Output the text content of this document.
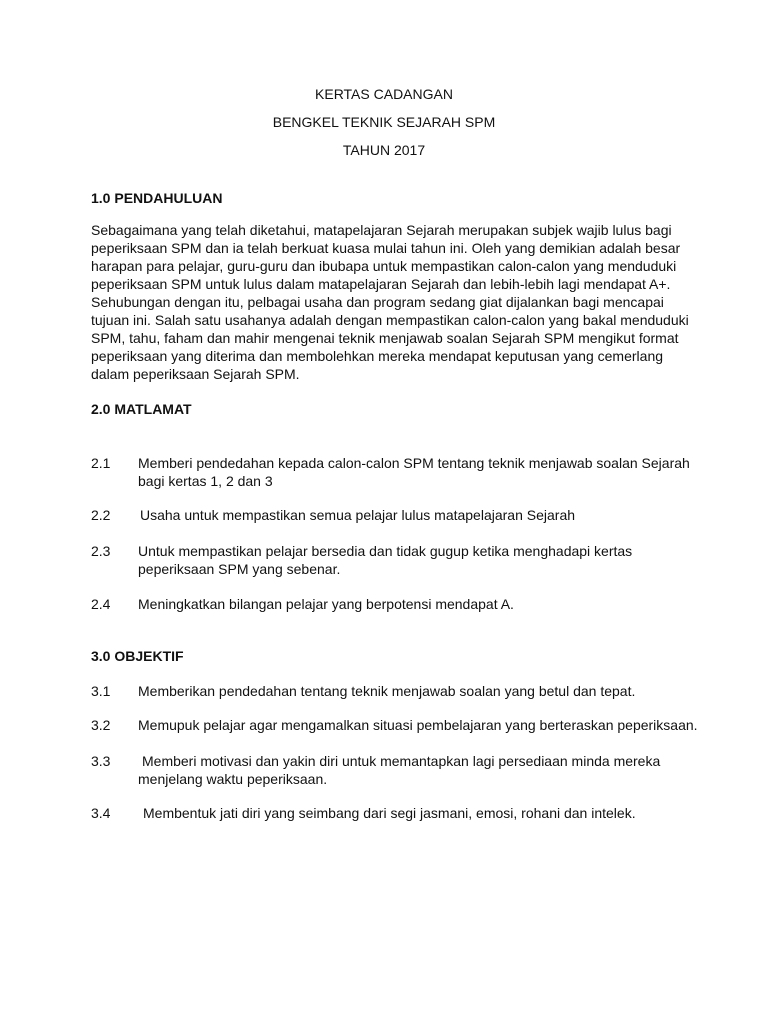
KERTAS CADANGAN
BENGKEL TEKNIK SEJARAH SPM
TAHUN 2017
1.0 PENDAHULUAN

Sebagaimana yang telah diketahui, matapelajaran Sejarah merupakan subjek wajib lulus bagi
peperiksaan SPM dan ia telah berkuat kuasa mulai tahun ini. Oleh yang demikian adalah besar
harapan para pelajar, guru-guru dan ibubapa untuk mempastikan calon-calon yang menduduki
peperiksaan SPM untuk lulus dalam matapelajaran Sejarah dan lebih-lebih lagi mendapat A+.
Sehubungan dengan itu, pelbagai usaha dan program sedang giat dijalankan bagi mencapai
tujuan ini. Salah satu usahanya adalah dengan mempastikan calon-calon yang bakal menduduki
SPM, tahu, faham dan mahir mengenai teknik menjawab soalan Sejarah SPM mengikut format
peperiksaan yang diterima dan membolehkan mereka mendapat keputusan yang cemerlang
dalam peperiksaan Sejarah SPM.

2.0 MATLAMAT
2.1 Memberi pendedahan kepada calon-calon SPM tentang teknik menjawab soalan Sejarah
bagi kertas 1, 2 dan 3
2.2 Usaha untuk mempastikan semua pelajar lulus matapelajaran Sejarah
2.3 Untuk mempastikan pelajar bersedia dan tidak gugup ketika menghadapi kertas
peperiksaan SPM yang sebenar.
2.4 Meningkatkan bilangan pelajar yang berpotensi mendapat A.
3.0 OBJEKTIF
3.1 Memberikan pendedahan tentang teknik menjawab soalan yang betul dan tepat.
3.2 Memupuk pelajar agar mengamalkan situasi pembelajaran yang berteraskan peperiksaan.
3.3 Memberi motivasi dan yakin diri untuk memantapkan lagi persediaan minda mereka
menjelang waktu peperiksaan.
3.4 Membentuk jati diri yang seimbang dari segi jasmani, emosi, rohani dan intelek.
